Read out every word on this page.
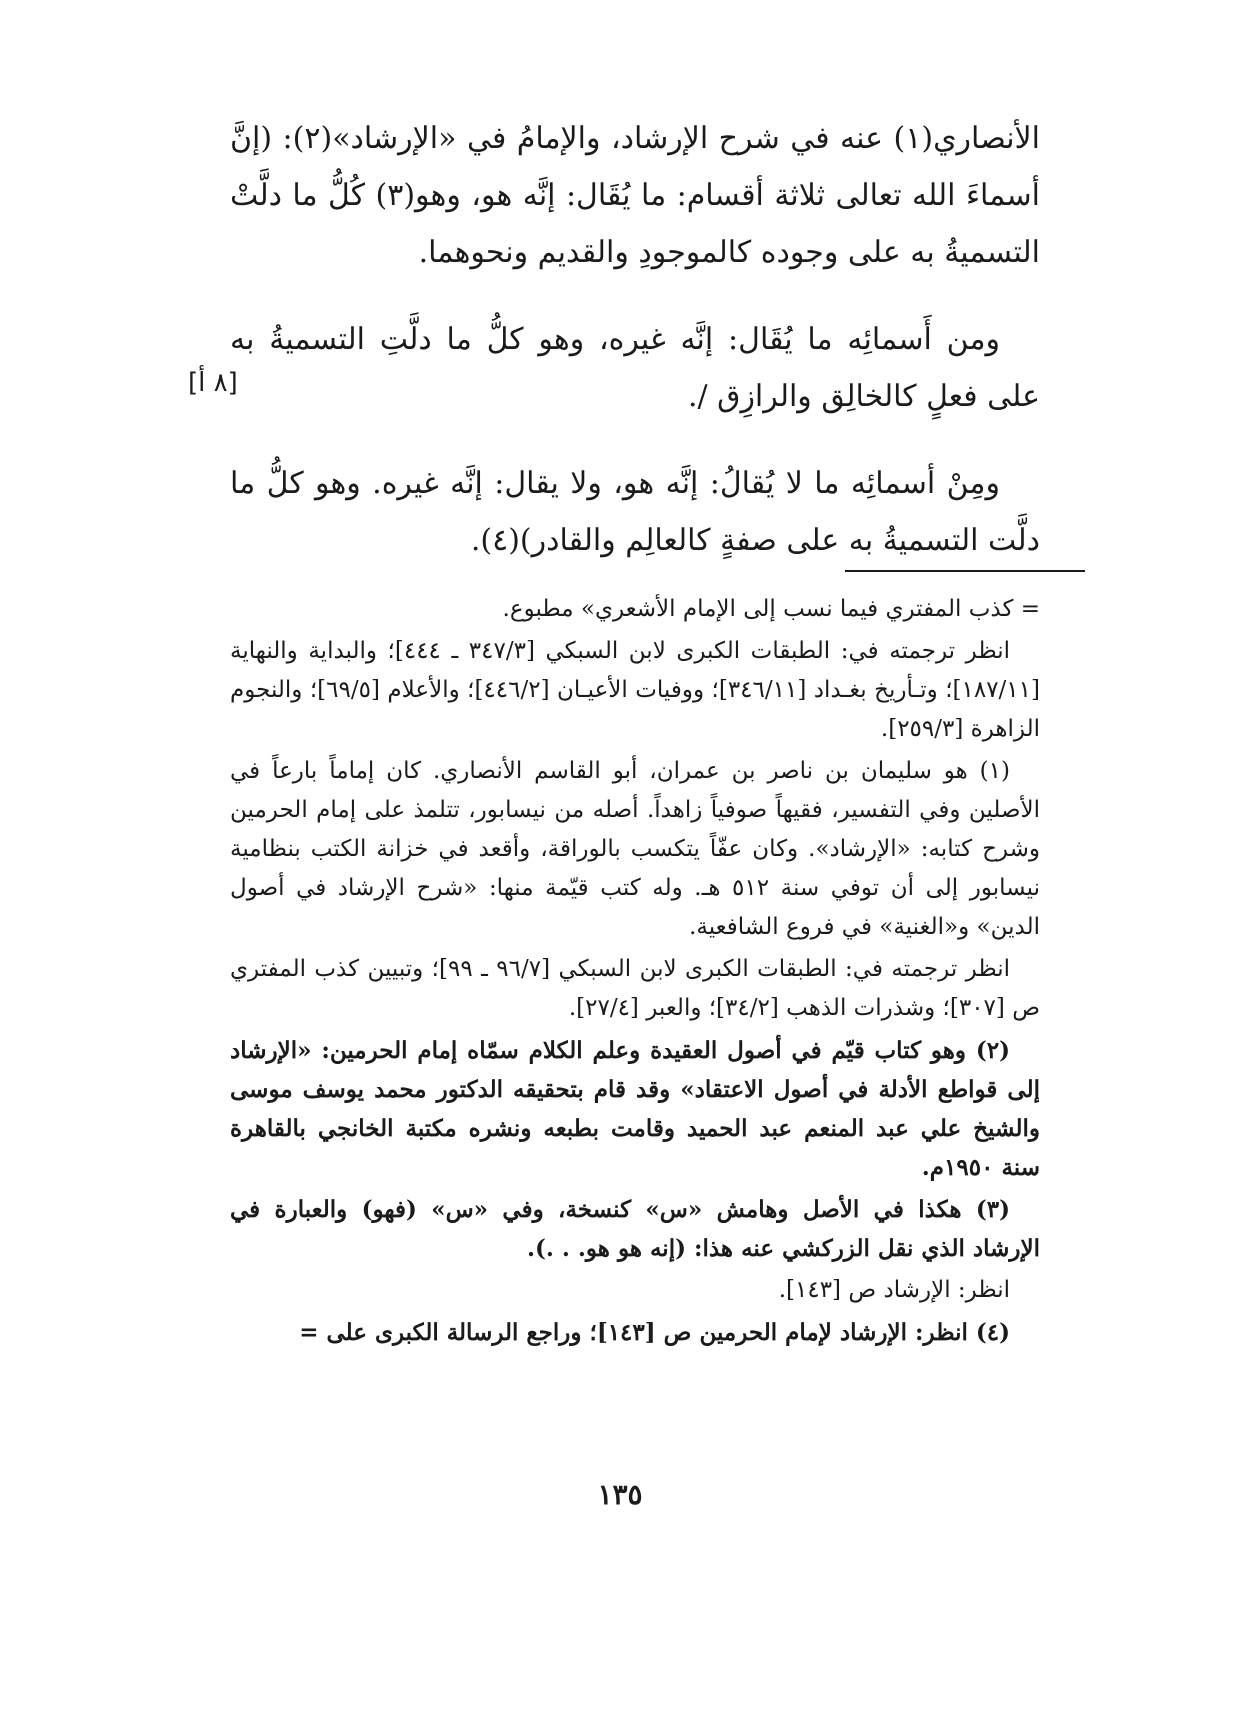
الأنصاري(١) عنه في شرح الإرشاد، والإمامُ في «الإرشاد»(٢): (إنَّ أسماءَ الله تعالى ثلاثة أقسام: ما يُقَال: إنَّه هو، وهو(٣) كُلُّ ما دلَّتْ التسميةُ به على وجوده كالموجودِ والقديم ونحوهما.

ومن أَسمائِه ما يُقَال: إنَّه غيره، وهو كلُّ ما دلَّتِ التسميةُ به على فعلٍ كالخالِق والرازِق /.

ومِنْ أسمائِه ما لا يُقالُ: إنَّه هو، ولا يقال: إنَّه غيره. وهو كلُّ ما دلَّت التسميةُ به على صفةٍ كالعالِم والقادر)(٤).

[٨ أ]

= كذب المفتري فيما نسب إلى الإمام الأشعري» مطبوع.

انظر ترجمته في: الطبقات الكبرى لابن السبكي [٣٤٧/٣ ـ ٤٤٤]؛ والبداية والنهاية [١٨٧/١١]؛ وتـأريخ بغـداد [٣٤٦/١١]؛ ووفيات الأعيـان [٤٤٦/٢]؛ والأعلام [٦٩/٥]؛ والنجوم الزاهرة [٢٥٩/٣].

(١) هو سليمان بن ناصر بن عمران، أبو القاسم الأنصاري. كان إماماً بارعاً في الأصلين وفي التفسير، فقيهاً صوفياً زاهداً. أصله من نيسابور، تتلمذ على إمام الحرمين وشرح كتابه: «الإرشاد». وكان عفّاً يتكسب بالوراقة، وأقعد في خزانة الكتب بنظامية نيسابور إلى أن توفي سنة ٥١٢ هـ. وله كتب قيّمة منها: «شرح الإرشاد في أصول الدين» و«الغنية» في فروع الشافعية.

انظر ترجمته في: الطبقات الكبرى لابن السبكي [٩٦/٧ ـ ٩٩]؛ وتبيين كذب المفتري ص [٣٠٧]؛ وشذرات الذهب [٣٤/٢]؛ والعبر [٢٧/٤].

(٢) وهو كتاب قيّم في أصول العقيدة وعلم الكلام سمّاه إمام الحرمين: «الإرشاد إلى قواطع الأدلة في أصول الاعتقاد» وقد قام بتحقيقه الدكتور محمد يوسف موسى والشيخ علي عبد المنعم عبد الحميد وقامت بطبعه ونشره مكتبة الخانجي بالقاهرة سنة ١٩٥٠م.

(٣) هكذا في الأصل وهامش «س» كنسخة، وفي «س» (فهو) والعبارة في الإرشاد الذي نقل الزركشي عنه هذا: (إنه هو هو. . .).

انظر: الإرشاد ص [١٤٣].

(٤) انظر: الإرشاد لإمام الحرمين ص [١٤٣]؛ وراجع الرسالة الكبرى على =

١٣٥
